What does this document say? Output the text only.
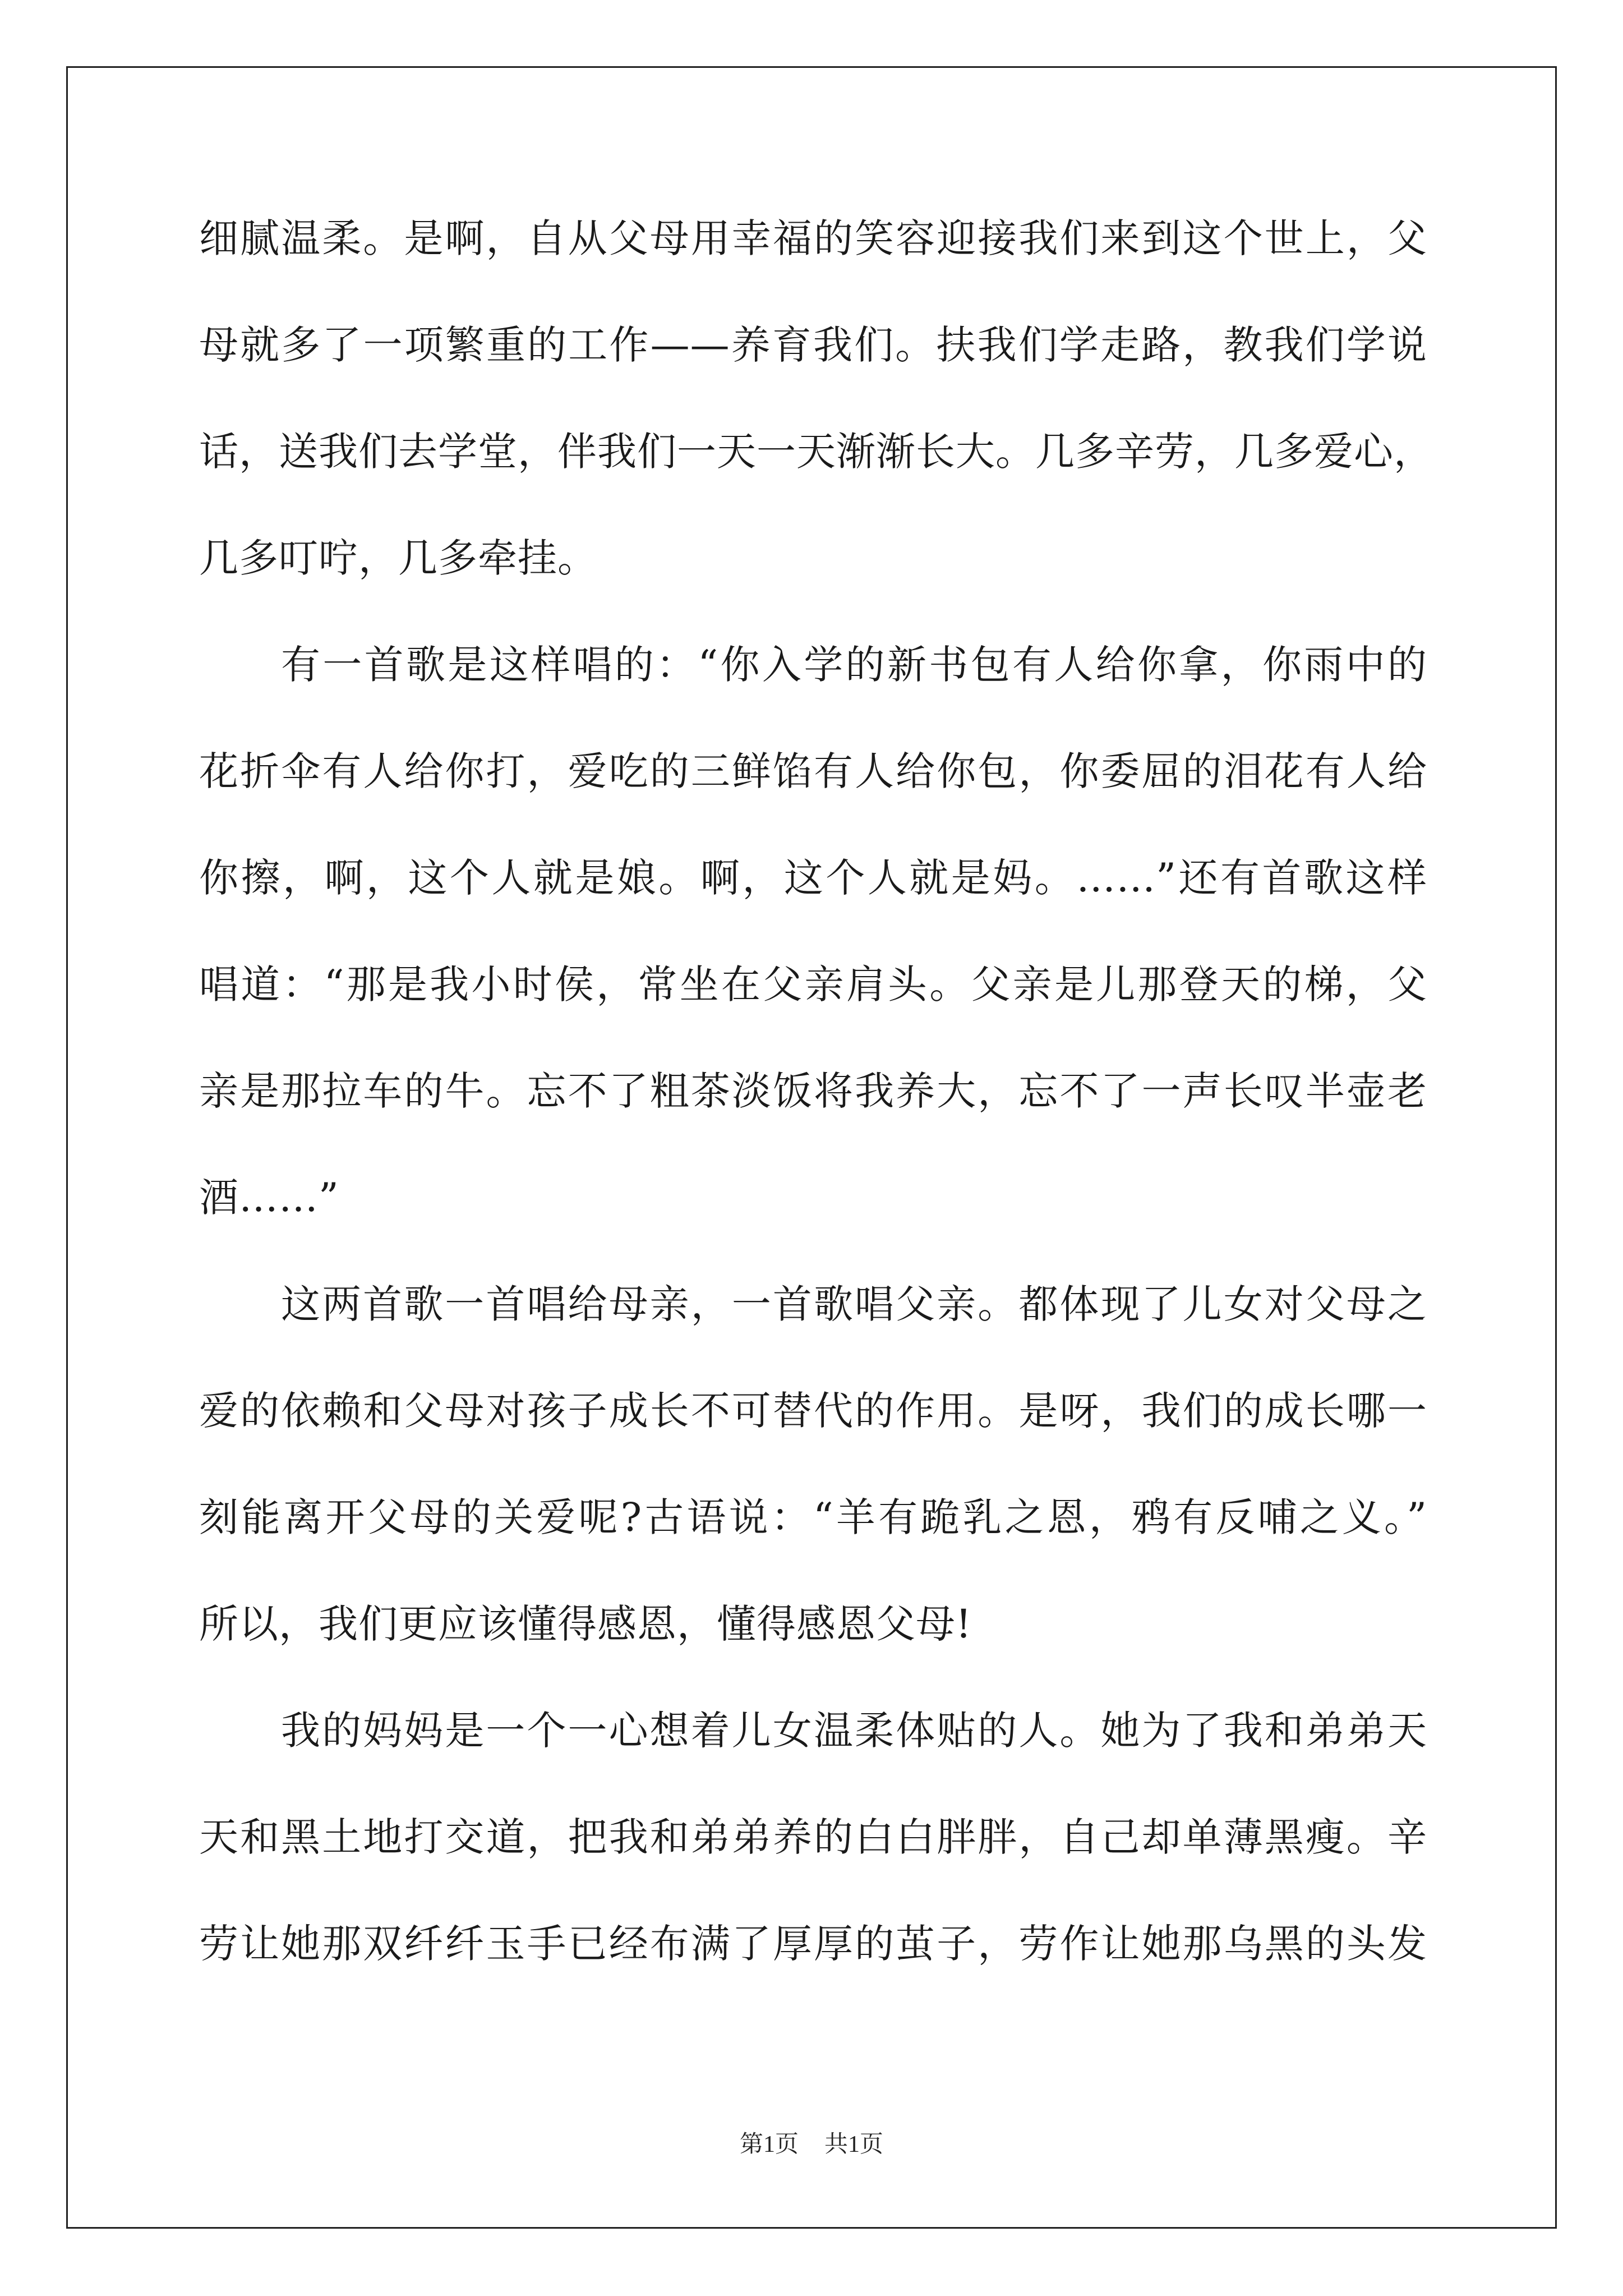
细腻温柔。是啊，自从父母用幸福的笑容迎接我们来到这个世上，父
母就多了一项繁重的工作——养育我们。扶我们学走路，教我们学说
话，送我们去学堂，伴我们一天一天渐渐长大。几多辛劳，几多爱心，
几多叮咛，几多牵挂。
有一首歌是这样唱的：“你入学的新书包有人给你拿，你雨中的
花折伞有人给你打，爱吃的三鲜馅有人给你包，你委屈的泪花有人给
你擦，啊，这个人就是娘。啊，这个人就是妈。……”还有首歌这样
唱道：“那是我小时侯，常坐在父亲肩头。父亲是儿那登天的梯，父
亲是那拉车的牛。忘不了粗茶淡饭将我养大，忘不了一声长叹半壶老
酒……”
这两首歌一首唱给母亲，一首歌唱父亲。都体现了儿女对父母之
爱的依赖和父母对孩子成长不可替代的作用。是呀，我们的成长哪一
刻能离开父母的关爱呢?古语说：“羊有跪乳之恩，鸦有反哺之义。”
所以，我们更应该懂得感恩，懂得感恩父母!
我的妈妈是一个一心想着儿女温柔体贴的人。她为了我和弟弟天
天和黑土地打交道，把我和弟弟养的白白胖胖，自己却单薄黑瘦。辛
劳让她那双纤纤玉手已经布满了厚厚的茧子，劳作让她那乌黑的头发
第1页 共1页
